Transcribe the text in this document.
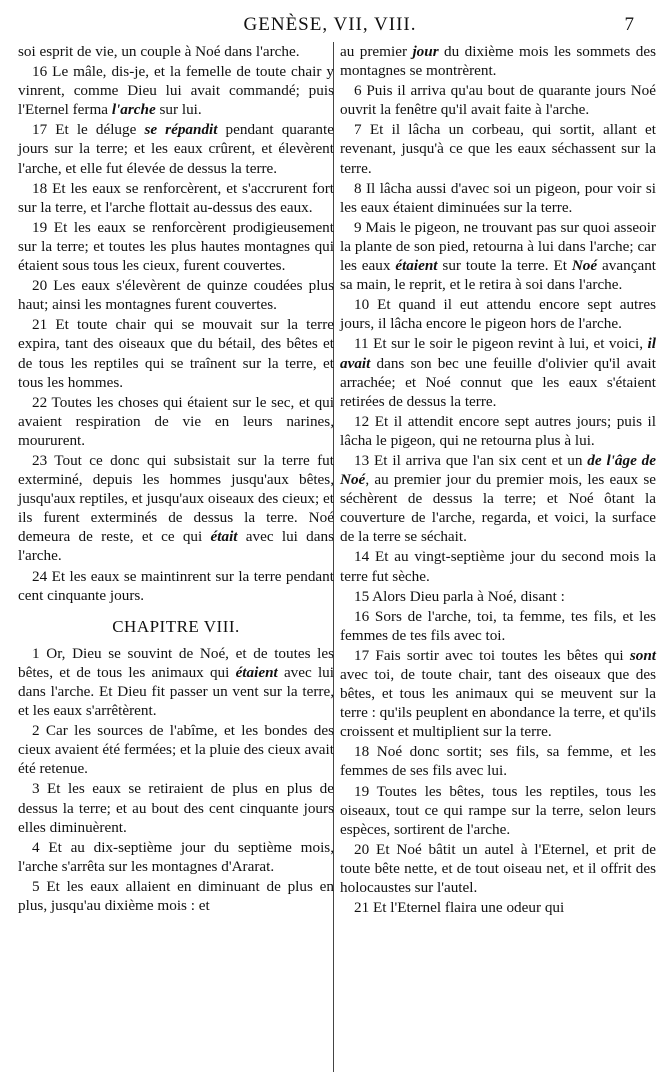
GENÈSE, VII, VIII.	7

soi esprit de vie, un couple à Noé dans l'arche.

16 Le mâle, dis-je, et la femelle de toute chair y vinrent, comme Dieu lui avait commandé; puis l'Eternel ferma l'arche sur lui.

17 Et le déluge se répandit pendant quarante jours sur la terre; et les eaux crûrent, et élevèrent l'arche, et elle fut élevée de dessus la terre.

18 Et les eaux se renforcèrent, et s'accrurent fort sur la terre, et l'arche flottait au-dessus des eaux.

19 Et les eaux se renforcèrent prodigieusement sur la terre; et toutes les plus hautes montagnes qui étaient sous tous les cieux, furent couvertes.

20 Les eaux s'élevèrent de quinze coudées plus haut; ainsi les montagnes furent couvertes.

21 Et toute chair qui se mouvait sur la terre expira, tant des oiseaux que du bétail, des bêtes et de tous les reptiles qui se traînent sur la terre, et tous les hommes.

22 Toutes les choses qui étaient sur le sec, et qui avaient respiration de vie en leurs narines, moururent.

23 Tout ce donc qui subsistait sur la terre fut exterminé, depuis les hommes jusqu'aux bêtes, jusqu'aux reptiles, et jusqu'aux oiseaux des cieux; et ils furent exterminés de dessus la terre. Noé demeura de reste, et ce qui était avec lui dans l'arche.

24 Et les eaux se maintinrent sur la terre pendant cent cinquante jours.

CHAPITRE VIII.

1 Or, Dieu se souvint de Noé, et de toutes les bêtes, et de tous les animaux qui étaient avec lui dans l'arche. Et Dieu fit passer un vent sur la terre, et les eaux s'arrêtèrent.

2 Car les sources de l'abîme, et les bondes des cieux avaient été fermées; et la pluie des cieux avait été retenue.

3 Et les eaux se retiraient de plus en plus de dessus la terre; et au bout des cent cinquante jours elles diminuèrent.

4 Et au dix-septième jour du septième mois, l'arche s'arrêta sur les montagnes d'Ararat.

5 Et les eaux allaient en diminuant de plus en plus, jusqu'au dixième mois : et

au premier jour du dixième mois les sommets des montagnes se montrèrent.

6 Puis il arriva qu'au bout de quarante jours Noé ouvrit la fenêtre qu'il avait faite à l'arche.

7 Et il lâcha un corbeau, qui sortit, allant et revenant, jusqu'à ce que les eaux séchassent sur la terre.

8 Il lâcha aussi d'avec soi un pigeon, pour voir si les eaux étaient diminuées sur la terre.

9 Mais le pigeon, ne trouvant pas sur quoi asseoir la plante de son pied, retourna à lui dans l'arche; car les eaux étaient sur toute la terre. Et Noé avançant sa main, le reprit, et le retira à soi dans l'arche.

10 Et quand il eut attendu encore sept autres jours, il lâcha encore le pigeon hors de l'arche.

11 Et sur le soir le pigeon revint à lui, et voici, il avait dans son bec une feuille d'olivier qu'il avait arrachée; et Noé connut que les eaux s'étaient retirées de dessus la terre.

12 Et il attendit encore sept autres jours; puis il lâcha le pigeon, qui ne retourna plus à lui.

13 Et il arriva que l'an six cent et un de l'âge de Noé, au premier jour du premier mois, les eaux se séchèrent de dessus la terre; et Noé ôtant la couverture de l'arche, regarda, et voici, la surface de la terre se séchait.

14 Et au vingt-septième jour du second mois la terre fut sèche.

15 Alors Dieu parla à Noé, disant :

16 Sors de l'arche, toi, ta femme, tes fils, et les femmes de tes fils avec toi.

17 Fais sortir avec toi toutes les bêtes qui sont avec toi, de toute chair, tant des oiseaux que des bêtes, et tous les animaux qui se meuvent sur la terre : qu'ils peuplent en abondance la terre, et qu'ils croissent et multiplient sur la terre.

18 Noé donc sortit; ses fils, sa femme, et les femmes de ses fils avec lui.

19 Toutes les bêtes, tous les reptiles, tous les oiseaux, tout ce qui rampe sur la terre, selon leurs espèces, sortirent de l'arche.

20 Et Noé bâtit un autel à l'Eternel, et prit de toute bête nette, et de tout oiseau net, et il offrit des holocaustes sur l'autel.

21 Et l'Eternel flaira une odeur qui
